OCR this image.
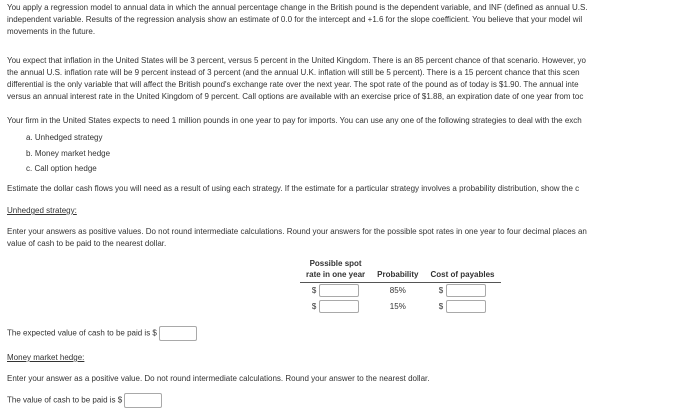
You apply a regression model to annual data in which the annual percentage change in the British pound is the dependent variable, and INF (defined as annual U.S.
independent variable. Results of the regression analysis show an estimate of 0.0 for the intercept and +1.6 for the slope coefficient. You believe that your model wil
movements in the future.
You expect that inflation in the United States will be 3 percent, versus 5 percent in the United Kingdom. There is an 85 percent chance of that scenario. However, yo
the annual U.S. inflation rate will be 9 percent instead of 3 percent (and the annual U.K. inflation will still be 5 percent). There is a 15 percent chance that this scen
differential is the only variable that will affect the British pound's exchange rate over the next year. The spot rate of the pound as of today is $1.90. The annual inte
versus an annual interest rate in the United Kingdom of 9 percent. Call options are available with an exercise price of $1.88, an expiration date of one year from toc
Your firm in the United States expects to need 1 million pounds in one year to pay for imports. You can use any one of the following strategies to deal with the exch
a. Unhedged strategy
b. Money market hedge
c. Call option hedge
Estimate the dollar cash flows you will need as a result of using each strategy. If the estimate for a particular strategy involves a probability distribution, show the c
Unhedged strategy:
Enter your answers as positive values. Do not round intermediate calculations. Round your answers for the possible spot rates in one year to four decimal places an
value of cash to be paid to the nearest dollar.
Possible spot
rate in one year	Probability	Cost of payables

$	85%	$

$	15%	$
The expected value of cash to be paid is $
Money market hedge:
Enter your answer as a positive value. Do not round intermediate calculations. Round your answer to the nearest dollar.
The value of cash to be paid is $
